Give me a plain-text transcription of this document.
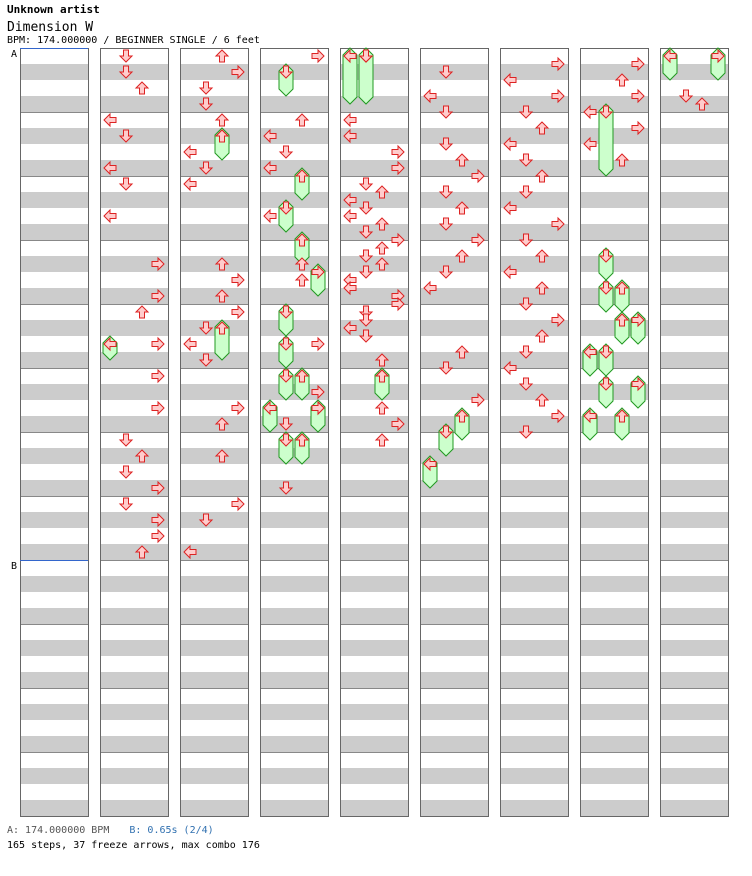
Unknown artist
Dimension W
BPM: 174.000000 / BEGINNER SINGLE / 6 feet
A
B
A: 174.000000 BPM B: 0.65s (2/4)
165 steps, 37 freeze arrows, max combo 176
